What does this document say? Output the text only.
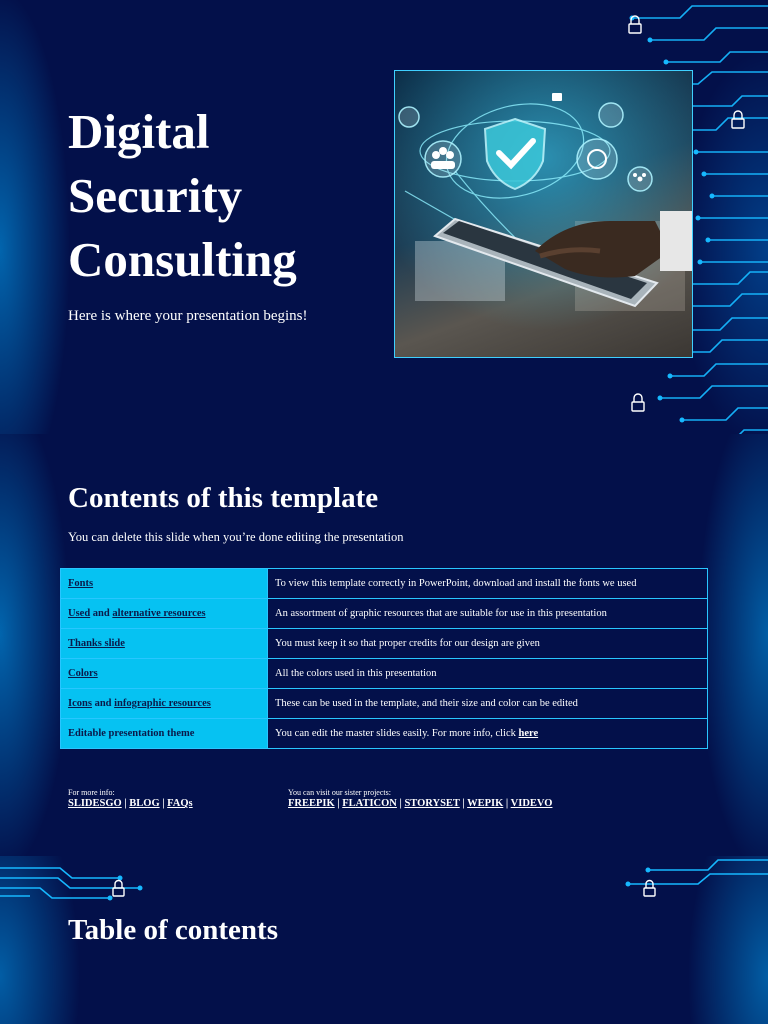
Digital
Security
Consulting
Here is where your presentation begins!
Contents of this template
You can delete this slide when you’re done editing the presentation
Fonts	To view this template correctly in PowerPoint, download and install the fonts we used
Used and alternative resources	An assortment of graphic resources that are suitable for use in this presentation
Thanks slide	You must keep it so that proper credits for our design are given
Colors	All the colors used in this presentation
Icons and infographic resources	These can be used in the template, and their size and color can be edited
Editable presentation theme	You can edit the master slides easily. For more info, click here
For more info:
SLIDESGO | BLOG | FAQs
You can visit our sister projects:
FREEPIK | FLATICON | STORYSET | WEPIK | VIDEVO
Table of contents
